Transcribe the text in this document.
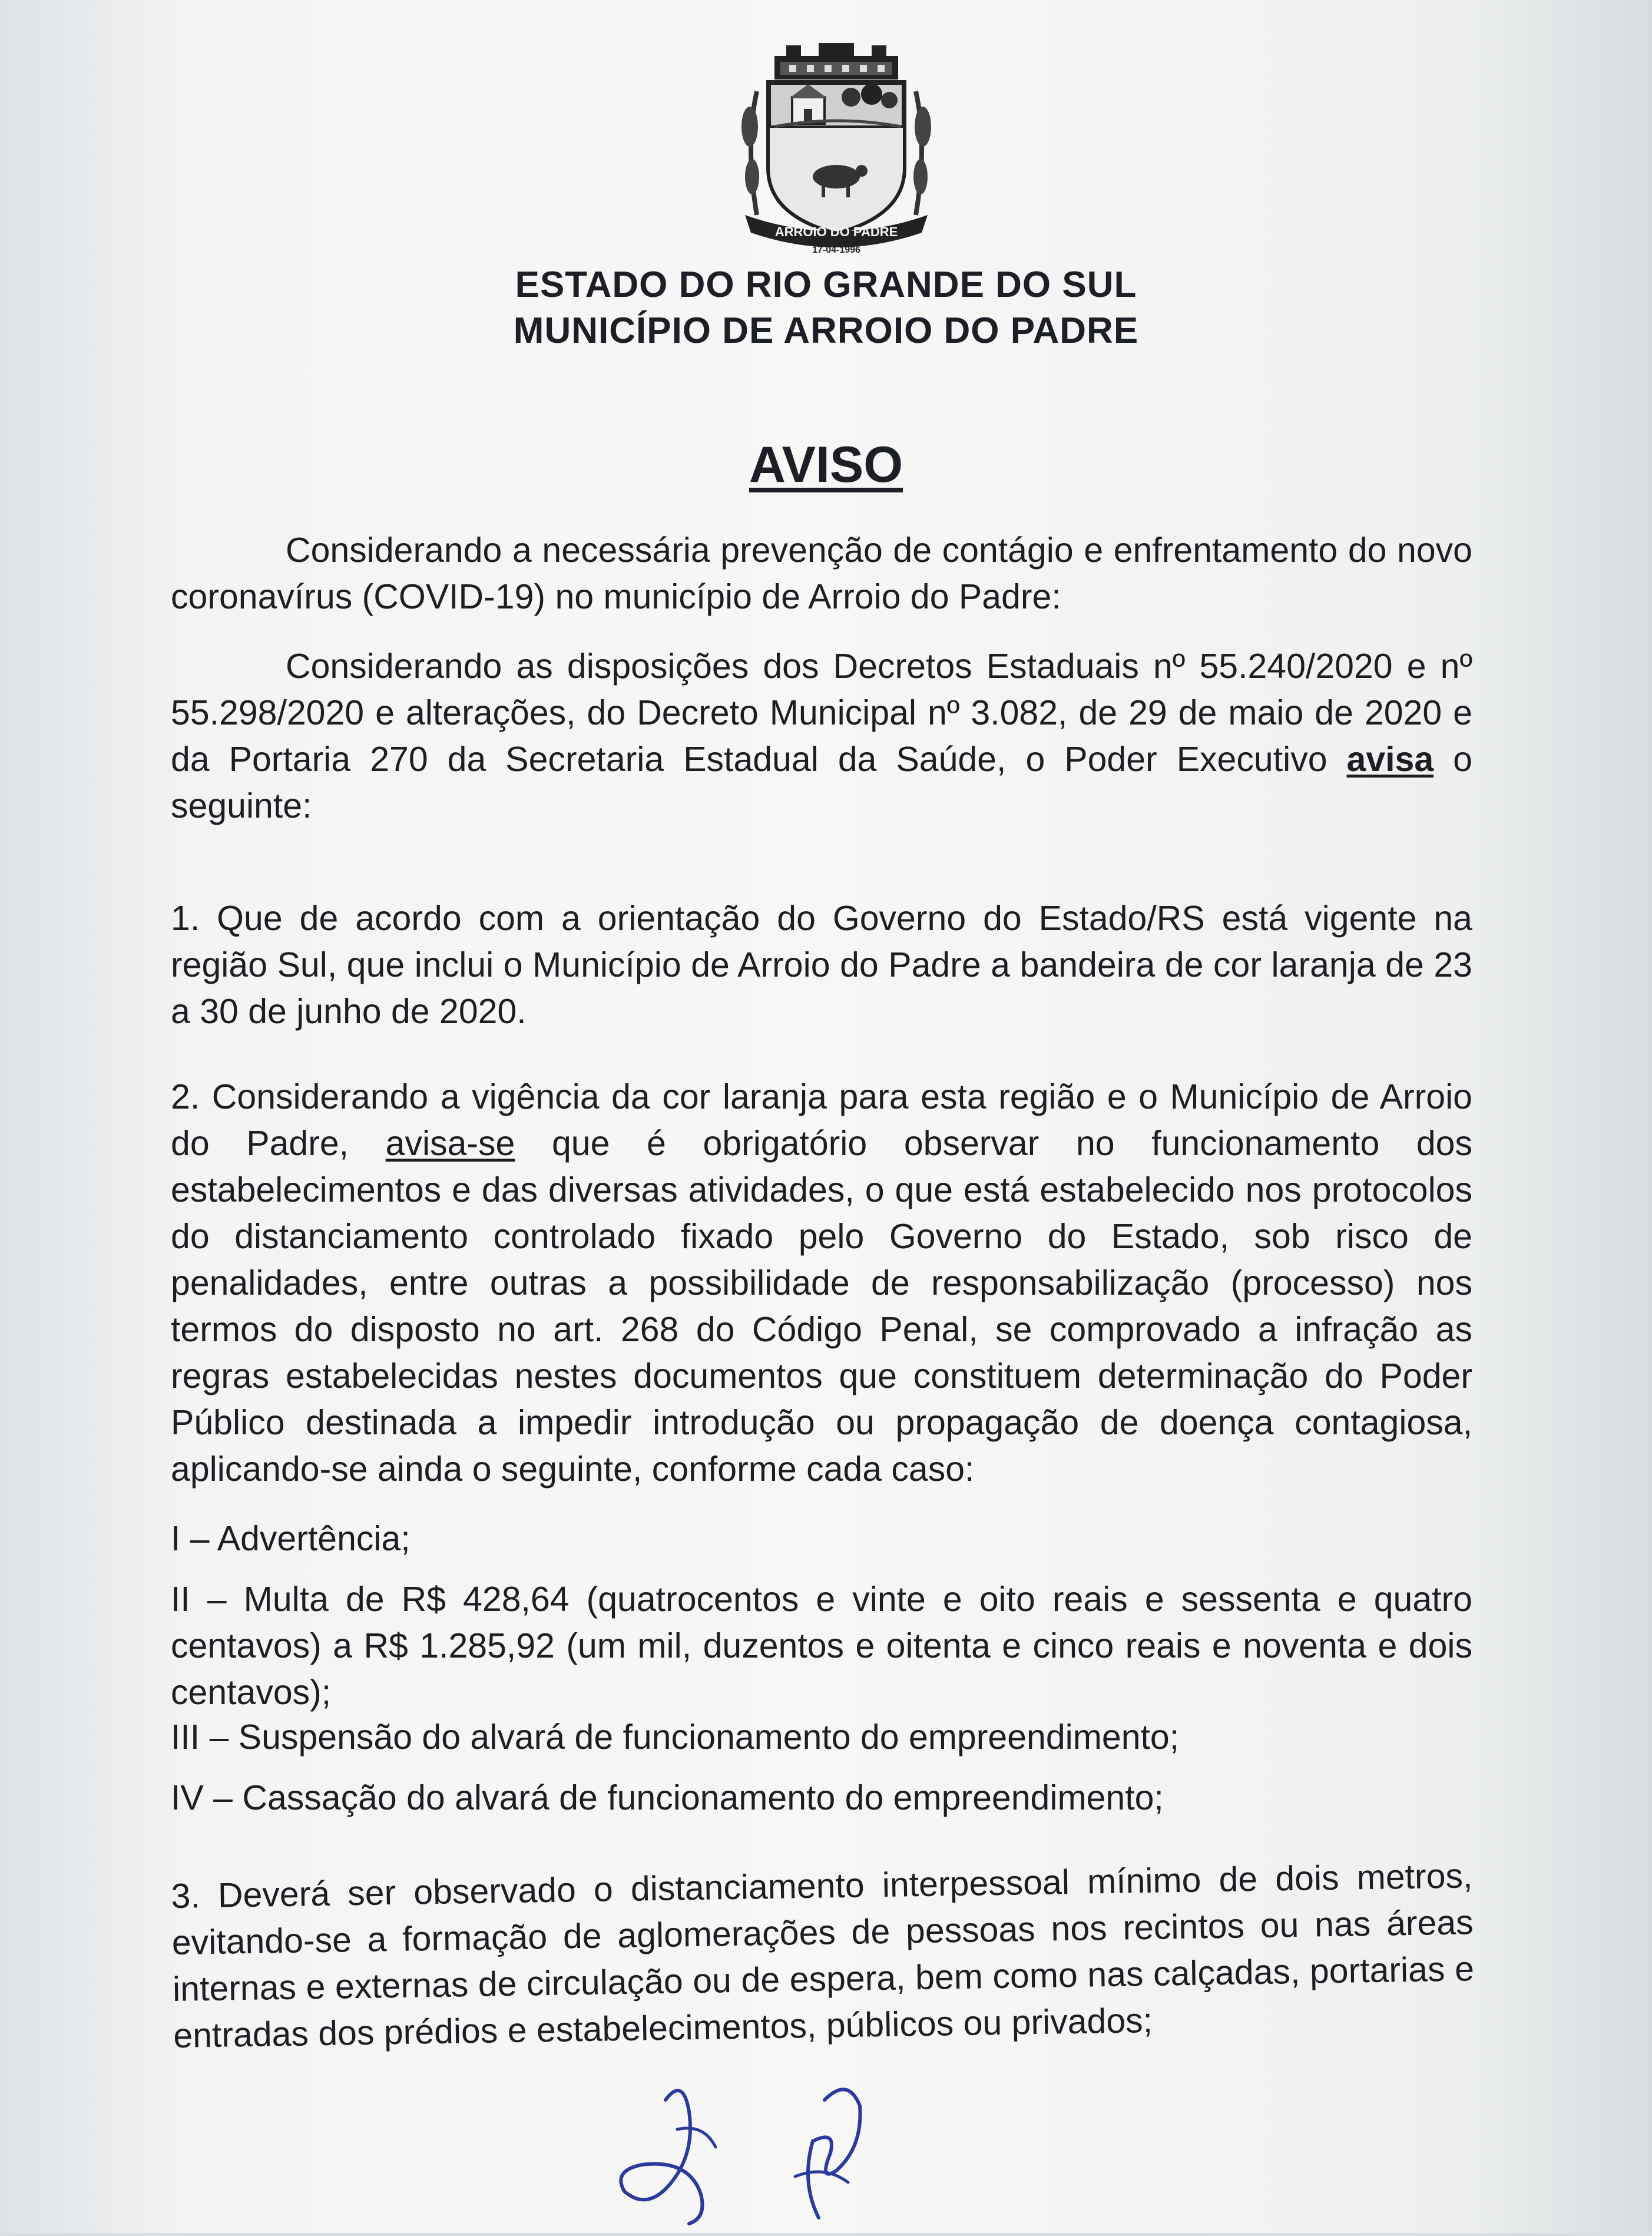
ARROIO DO PADRE
17-04-1996
ESTADO DO RIO GRANDE DO SUL
MUNICÍPIO DE ARROIO DO PADRE
AVISO

Considerando a necessária prevenção de contágio e enfrentamento do novo coronavírus (COVID-19) no município de Arroio do Padre:

Considerando as disposições dos Decretos Estaduais nº 55.240/2020 e nº 55.298/2020 e alterações, do Decreto Municipal nº 3.082, de 29 de maio de 2020 e da Portaria 270 da Secretaria Estadual da Saúde, o Poder Executivo avisa o seguinte:

1. Que de acordo com a orientação do Governo do Estado/RS está vigente na região Sul, que inclui o Município de Arroio do Padre a bandeira de cor laranja de 23 a 30 de junho de 2020.

2. Considerando a vigência da cor laranja para esta região e o Município de Arroio do Padre, avisa-se que é obrigatório observar no funcionamento dos estabelecimentos e das diversas atividades, o que está estabelecido nos protocolos do distanciamento controlado fixado pelo Governo do Estado, sob risco de penalidades, entre outras a possibilidade de responsabilização (processo) nos termos do disposto no art. 268 do Código Penal, se comprovado a infração as regras estabelecidas nestes documentos que constituem determinação do Poder Público destinada a impedir introdução ou propagação de doença contagiosa, aplicando-se ainda o seguinte, conforme cada caso:

I – Advertência;

II – Multa de R$ 428,64 (quatrocentos e vinte e oito reais e sessenta e quatro centavos) a R$ 1.285,92 (um mil, duzentos e oitenta e cinco reais e noventa e dois centavos);

III – Suspensão do alvará de funcionamento do empreendimento;

IV – Cassação do alvará de funcionamento do empreendimento;

3. Deverá ser observado o distanciamento interpessoal mínimo de dois metros, evitando-se a formação de aglomerações de pessoas nos recintos ou nas áreas internas e externas de circulação ou de espera, bem como nas calçadas, portarias e entradas dos prédios e estabelecimentos, públicos ou privados;
